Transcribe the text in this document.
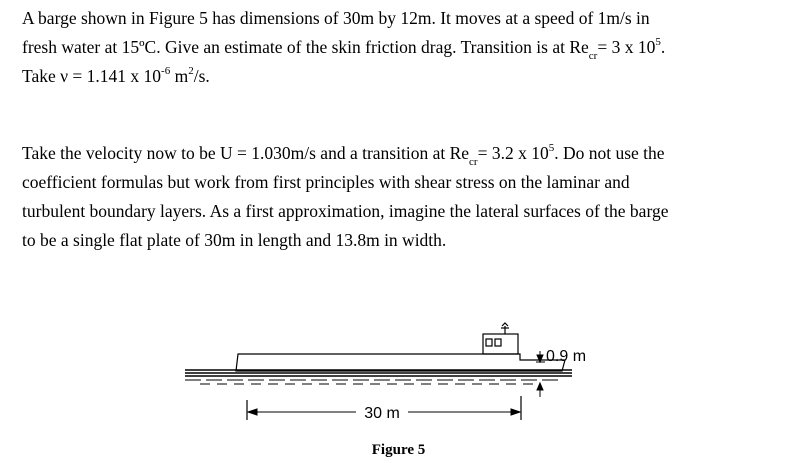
A barge shown in Figure 5 has dimensions of 30m by 12m. It moves at a speed of 1m/s in
fresh water at 15ºC. Give an estimate of the skin friction drag. Transition is at $Re_{cr}= 3$ x $10^5$.
Take ν = 1.141 x $10^{-6}$ $m^2/s$.
Take the velocity now to be U = 1.030m/s and a transition at $Re_{cr}= 3.2$ x $10^5$. Do not use the
coefficient formulas but work from first principles with shear stress on the laminar and
turbulent boundary layers. As a first approximation, imagine the lateral surfaces of the barge
to be a single flat plate of 30m in length and 13.8m in width.
0.9 m
30 m
Figure 5
